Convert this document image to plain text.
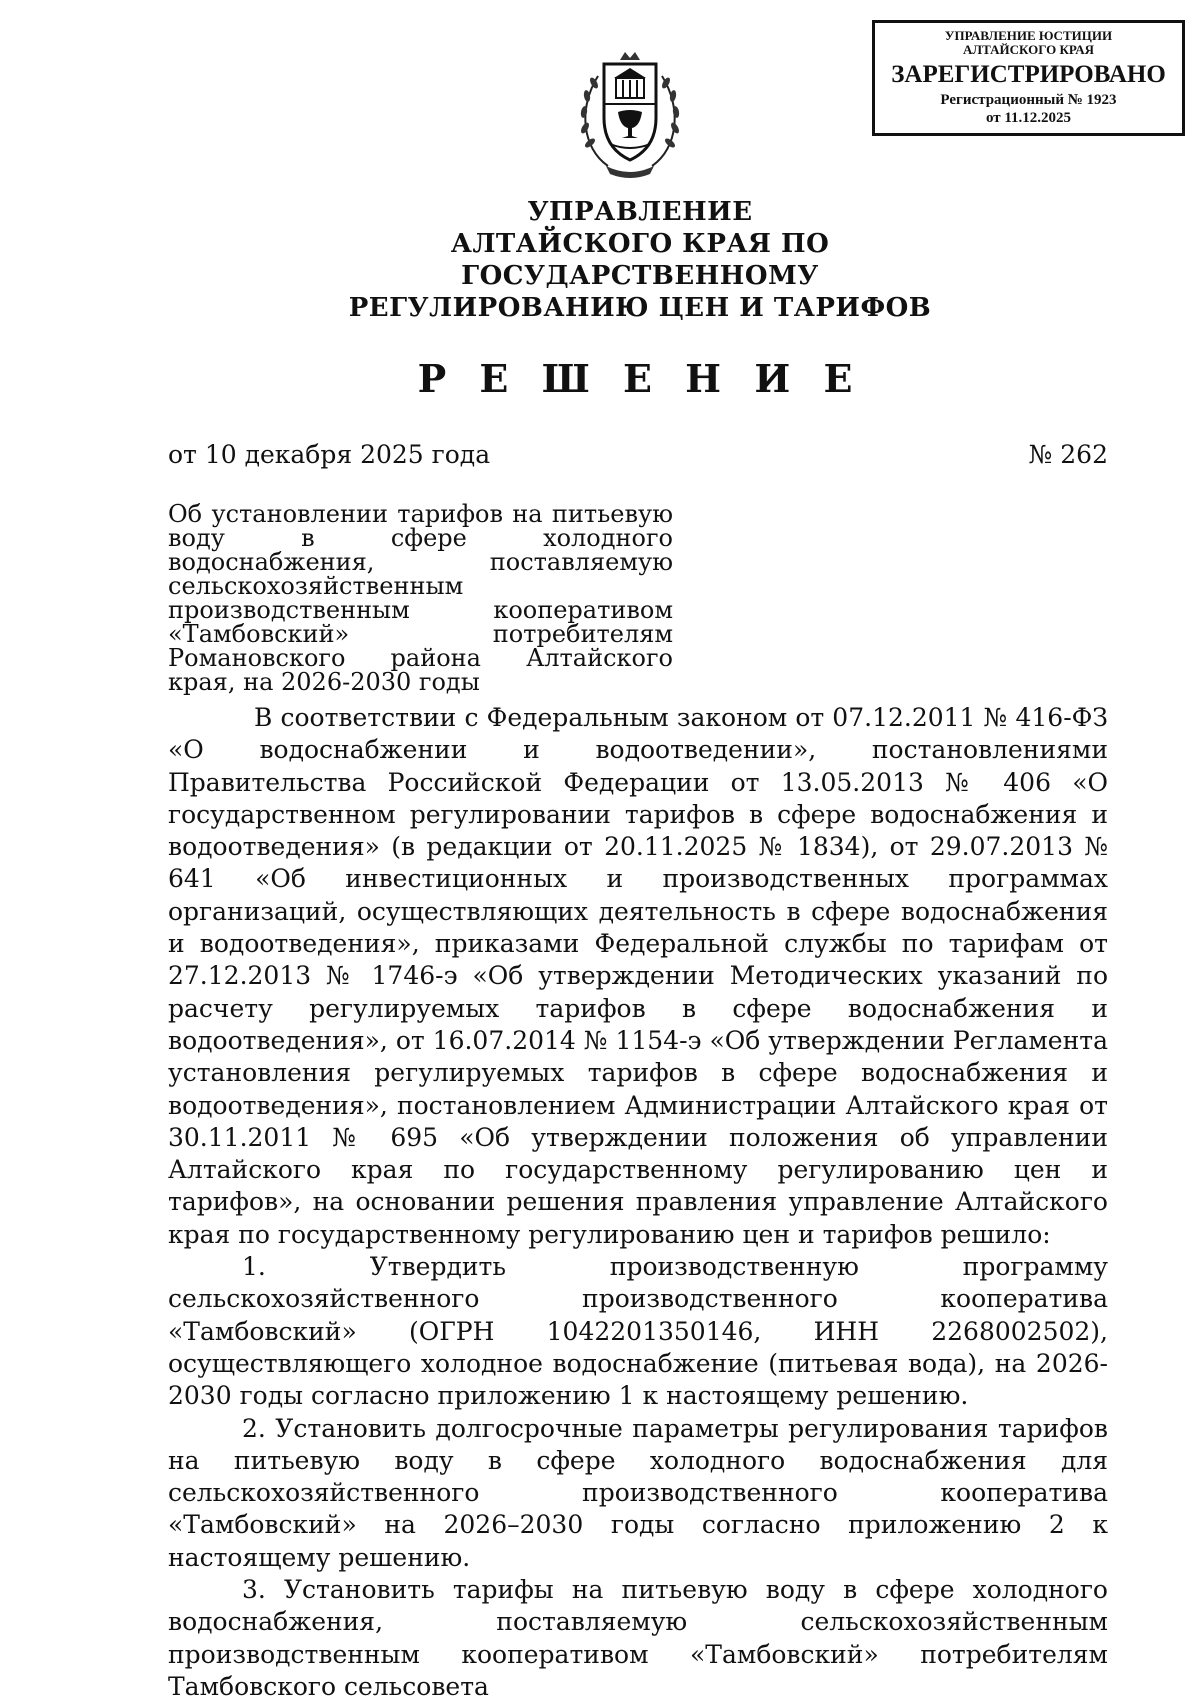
УПРАВЛЕНИЕ ЮСТИЦИИ
АЛТАЙСКОГО КРАЯ
ЗАРЕГИСТРИРОВАНО
Регистрационный № 1923
от 11.12.2025
УПРАВЛЕНИЕ
АЛТАЙСКОГО КРАЯ ПО ГОСУДАРСТВЕННОМУ
РЕГУЛИРОВАНИЮ ЦЕН И ТАРИФОВ
Р Е Ш Е Н И Е
от 10 декабря 2025 года	№ 262

Об установлении тарифов на питьевую воду в сфере холодного водоснабжения, поставляемую сельскохозяйственным производственным кооперативом «Тамбовский» потребителям Романовского района Алтайского края, на 2026-2030 годы

В соответствии с Федеральным законом от 07.12.2011 № 416-ФЗ «О водоснабжении и водоотведении», постановлениями Правительства Российской Федерации от 13.05.2013 № 406 «О государственном регулировании тарифов в сфере водоснабжения и водоотведения» (в редакции от 20.11.2025 № 1834), от 29.07.2013 № 641 «Об инвестиционных и производственных программах организаций, осуществляющих деятельность в сфере водоснабжения и водоотведения», приказами Федеральной службы по тарифам от 27.12.2013 № 1746-э «Об утверждении Методических указаний по расчету регулируемых тарифов в сфере водоснабжения и водоотведения», от 16.07.2014 № 1154-э «Об утверждении Регламента установления регулируемых тарифов в сфере водоснабжения и водоотведения», постановлением Администрации Алтайского края от 30.11.2011 № 695 «Об утверждении положения об управлении Алтайского края по государственному регулированию цен и тарифов», на основании решения правления управление Алтайского края по государственному регулированию цен и тарифов решило:

1. Утвердить производственную программу сельскохозяйственного производственного кооператива «Тамбовский» (ОГРН 1042201350146, ИНН 2268002502), осуществляющего холодное водоснабжение (питьевая вода), на 2026-2030 годы согласно приложению 1 к настоящему решению.

2. Установить долгосрочные параметры регулирования тарифов на питьевую воду в сфере холодного водоснабжения для сельскохозяйственного производственного кооператива «Тамбовский» на 2026–2030 годы согласно приложению 2 к настоящему решению.

3. Установить тарифы на питьевую воду в сфере холодного водоснабжения, поставляемую сельскохозяйственным производственным кооперативом «Тамбовский» потребителям Тамбовского сельсовета
